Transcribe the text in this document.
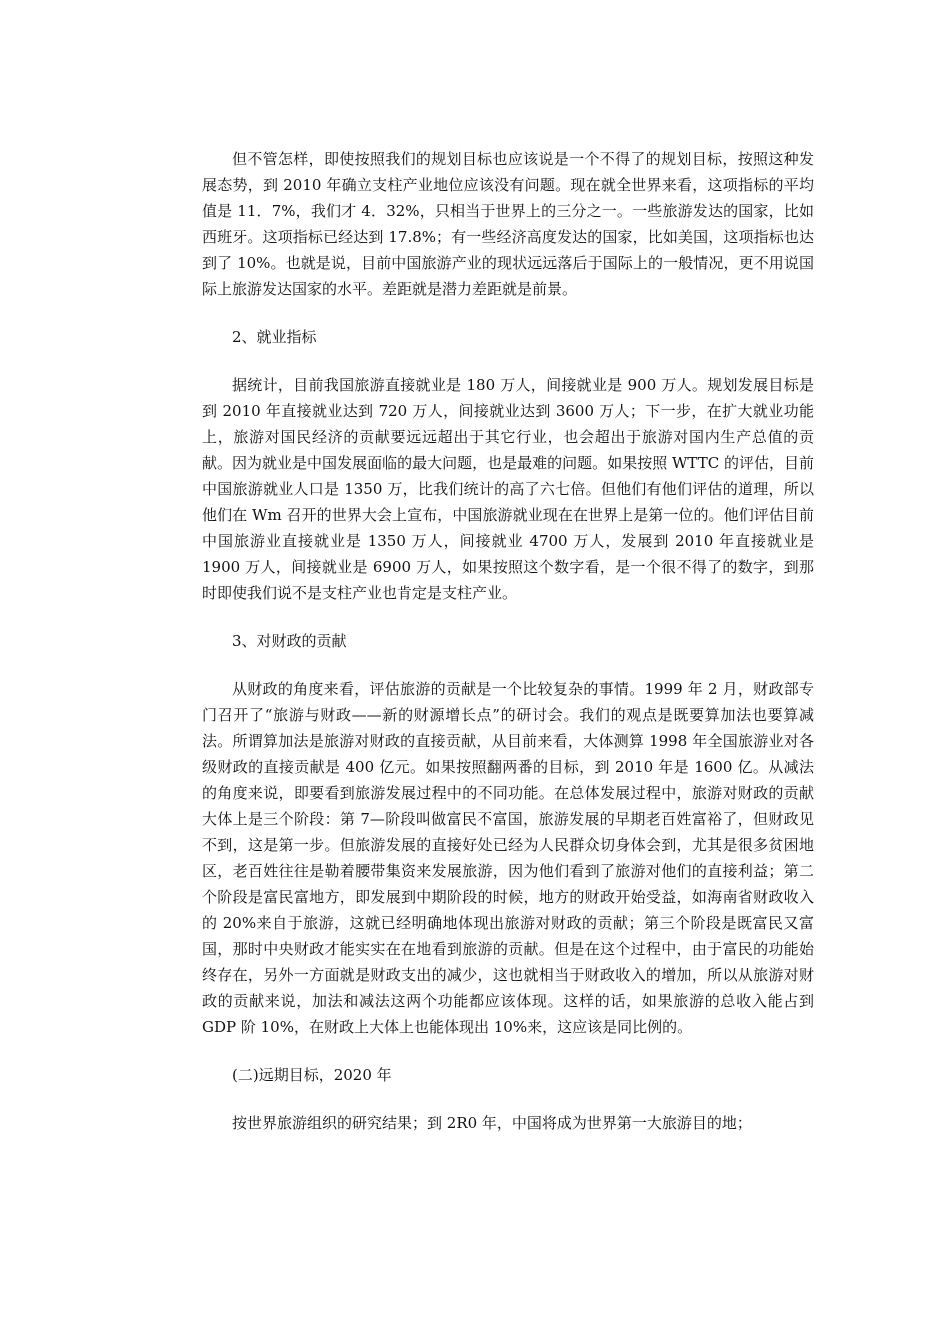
但不管怎样，即使按照我们的规划目标也应该说是一个不得了的规划目标，按照这种发展态势，到 2010 年确立支柱产业地位应该没有问题。现在就全世界来看，这项指标的平均值是 11．7%，我们才 4．32%，只相当于世界上的三分之一。一些旅游发达的国家，比如西班牙。这项指标已经达到 17.8%；有一些经济高度发达的国家，比如美国，这项指标也达到了 10%。也就是说，目前中国旅游产业的现状远远落后于国际上的一般情况，更不用说国际上旅游发达国家的水平。差距就是潜力差距就是前景。

2、就业指标

据统计，目前我国旅游直接就业是 180 万人，间接就业是 900 万人。规划发展目标是到 2010 年直接就业达到 720 万人，间接就业达到 3600 万人；下一步，在扩大就业功能上，旅游对国民经济的贡献要远远超出于其它行业，也会超出于旅游对国内生产总值的贡献。因为就业是中国发展面临的最大问题，也是最难的问题。如果按照 WTTC 的评估，目前中国旅游就业人口是 1350 万，比我们统计的高了六七倍。但他们有他们评估的道理，所以他们在 Wm 召开的世界大会上宣布，中国旅游就业现在在世界上是第一位的。他们评估目前中国旅游业直接就业是 1350 万人，间接就业 4700 万人，发展到 2010 年直接就业是 1900 万人，间接就业是 6900 万人，如果按照这个数字看，是一个很不得了的数字，到那时即使我们说不是支柱产业也肯定是支柱产业。

3、对财政的贡献

从财政的角度来看，评估旅游的贡献是一个比较复杂的事情。1999 年 2 月，财政部专门召开了“旅游与财政——新的财源增长点”的研讨会。我们的观点是既要算加法也要算减法。所谓算加法是旅游对财政的直接贡献，从目前来看，大体测算 1998 年全国旅游业对各级财政的直接贡献是 400 亿元。如果按照翻两番的目标，到 2010 年是 1600 亿。从减法的角度来说，即要看到旅游发展过程中的不同功能。在总体发展过程中，旅游对财政的贡献大体上是三个阶段：第 7—阶段叫做富民不富国，旅游发展的早期老百姓富裕了，但财政见不到，这是第一步。但旅游发展的直接好处已经为人民群众切身体会到，尤其是很多贫困地区，老百姓往往是勒着腰带集资来发展旅游，因为他们看到了旅游对他们的直接利益；第二个阶段是富民富地方，即发展到中期阶段的时候，地方的财政开始受益，如海南省财政收入的 20%来自于旅游，这就已经明确地体现出旅游对财政的贡献；第三个阶段是既富民又富国，那时中央财政才能实实在在地看到旅游的贡献。但是在这个过程中，由于富民的功能始终存在，另外一方面就是财政支出的减少，这也就相当于财政收入的增加，所以从旅游对财政的贡献来说，加法和减法这两个功能都应该体现。这样的话，如果旅游的总收入能占到 GDP 阶 10%，在财政上大体上也能体现出 10%来，这应该是同比例的。

(二)远期目标，2020 年

按世界旅游组织的研究结果；到 2R0 年，中国将成为世界第一大旅游目的地；
